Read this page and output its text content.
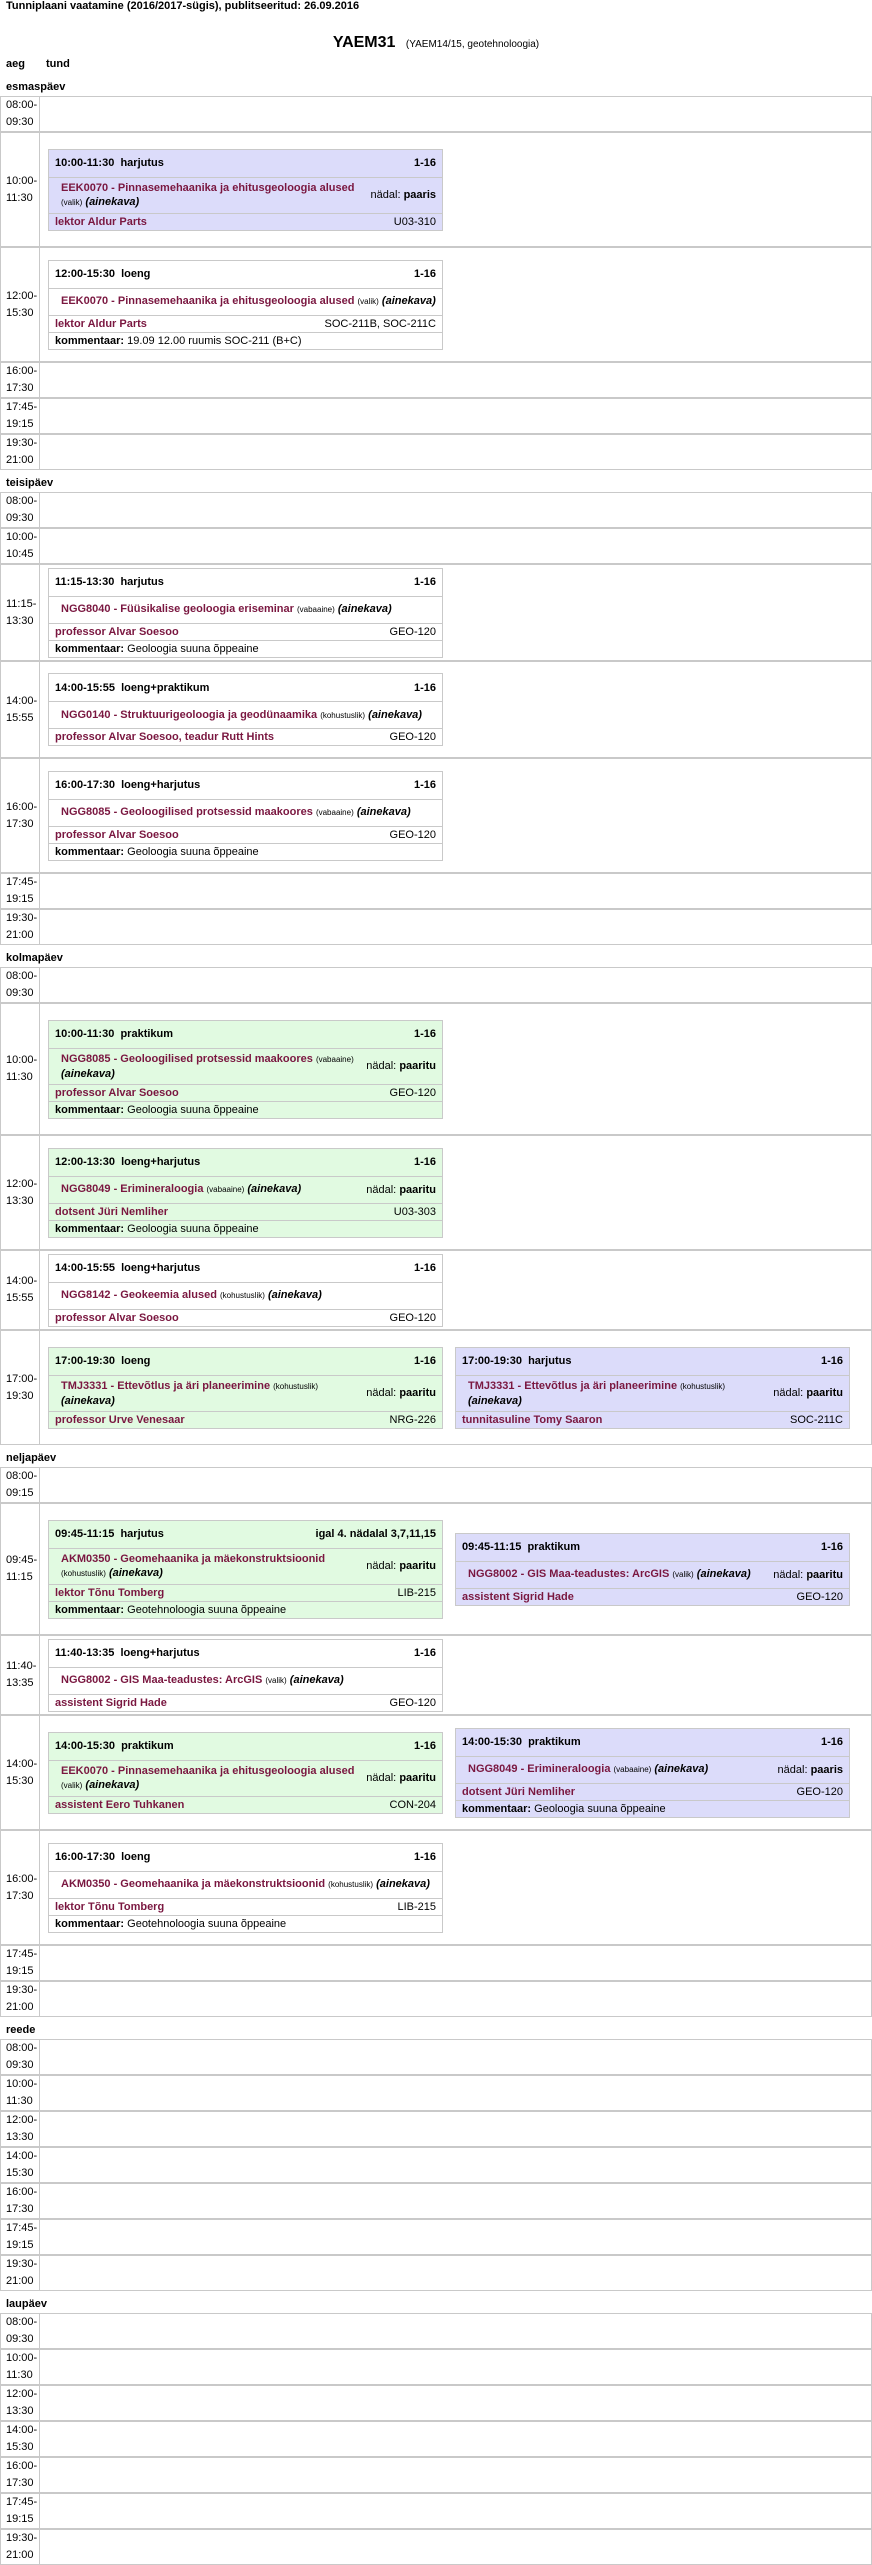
Tunniplaani vaatamine (2016/2017-sügis), publitseeritud: 26.09.2016
YAEM31 (YAEM14/15, geotehnoloogia)
aeg tund
esmaspäev
08:00-
09:30
10:00-
11:30
10:00-11:30 harjutus	1-16
EEK0070 - Pinnasemehaanika ja ehitusgeoloogia alused (valik) (ainekava)
nädal: paaris
lektor Aldur Parts	U03-310
12:00-
15:30
12:00-15:30 loeng	1-16
EEK0070 - Pinnasemehaanika ja ehitusgeoloogia alused (valik) (ainekava)
lektor Aldur Parts	SOC-211B, SOC-211C
kommentaar: 19.09 12.00 ruumis SOC-211 (B+C)
16:00-
17:30
17:45-
19:15
19:30-
21:00
teisipäev
08:00-
09:30
10:00-
10:45
11:15-
13:30
11:15-13:30 harjutus	1-16
NGG8040 - Füüsikalise geoloogia eriseminar (vabaaine) (ainekava)
professor Alvar Soesoo	GEO-120
kommentaar: Geoloogia suuna õppeaine
14:00-
15:55
14:00-15:55 loeng+praktikum	1-16
NGG0140 - Struktuurigeoloogia ja geodünaamika (kohustuslik) (ainekava)
professor Alvar Soesoo, teadur Rutt Hints	GEO-120
16:00-
17:30
16:00-17:30 loeng+harjutus	1-16
NGG8085 - Geoloogilised protsessid maakoores (vabaaine) (ainekava)
professor Alvar Soesoo	GEO-120
kommentaar: Geoloogia suuna õppeaine
17:45-
19:15
19:30-
21:00
kolmapäev
08:00-
09:30
10:00-
11:30
10:00-11:30 praktikum	1-16
NGG8085 - Geoloogilised protsessid maakoores (vabaaine) (ainekava)
nädal: paaritu
professor Alvar Soesoo	GEO-120
kommentaar: Geoloogia suuna õppeaine
12:00-
13:30
12:00-13:30 loeng+harjutus	1-16
NGG8049 - Erimineraloogia (vabaaine) (ainekava)	nädal: paaritu
dotsent Jüri Nemliher	U03-303
kommentaar: Geoloogia suuna õppeaine
14:00-
15:55
14:00-15:55 loeng+harjutus	1-16
NGG8142 - Geokeemia alused (kohustuslik) (ainekava)
professor Alvar Soesoo	GEO-120
17:00-
19:30
17:00-19:30 loeng	1-16
TMJ3331 - Ettevõtlus ja äri planeerimine (kohustuslik) (ainekava)
nädal: paaritu
professor Urve Venesaar	NRG-226
17:00-19:30 harjutus	1-16
TMJ3331 - Ettevõtlus ja äri planeerimine (kohustuslik) (ainekava)
nädal: paaritu
tunnitasuline Tomy Saaron	SOC-211C
neljapäev
08:00-
09:15
09:45-
11:15
09:45-11:15 harjutus	igal 4. nädalal 3,7,11,15
AKM0350 - Geomehaanika ja mäekonstruktsioonid (kohustuslik) (ainekava)
nädal: paaritu
lektor Tõnu Tomberg	LIB-215
kommentaar: Geotehnoloogia suuna õppeaine
09:45-11:15 praktikum	1-16
NGG8002 - GIS Maa-teadustes: ArcGIS (valik) (ainekava) nädal: paaritu
assistent Sigrid Hade	GEO-120
11:40-
13:35
11:40-13:35 loeng+harjutus	1-16
NGG8002 - GIS Maa-teadustes: ArcGIS (valik) (ainekava)
assistent Sigrid Hade	GEO-120
14:00-
15:30
14:00-15:30 praktikum	1-16
EEK0070 - Pinnasemehaanika ja ehitusgeoloogia alused (valik) (ainekava)
nädal: paaritu
assistent Eero Tuhkanen	CON-204
14:00-15:30 praktikum	1-16
NGG8049 - Erimineraloogia (vabaaine) (ainekava)	nädal: paaris
dotsent Jüri Nemliher	GEO-120
kommentaar: Geoloogia suuna õppeaine
16:00-
17:30
16:00-17:30 loeng	1-16
AKM0350 - Geomehaanika ja mäekonstruktsioonid (kohustuslik) (ainekava)
lektor Tõnu Tomberg	LIB-215
kommentaar: Geotehnoloogia suuna õppeaine
17:45-
19:15
19:30-
21:00
reede
08:00-
09:30
10:00-
11:30
12:00-
13:30
14:00-
15:30
16:00-
17:30
17:45-
19:15
19:30-
21:00
laupäev
08:00-
09:30
10:00-
11:30
12:00-
13:30
14:00-
15:30
16:00-
17:30
17:45-
19:15
19:30-
21:00
